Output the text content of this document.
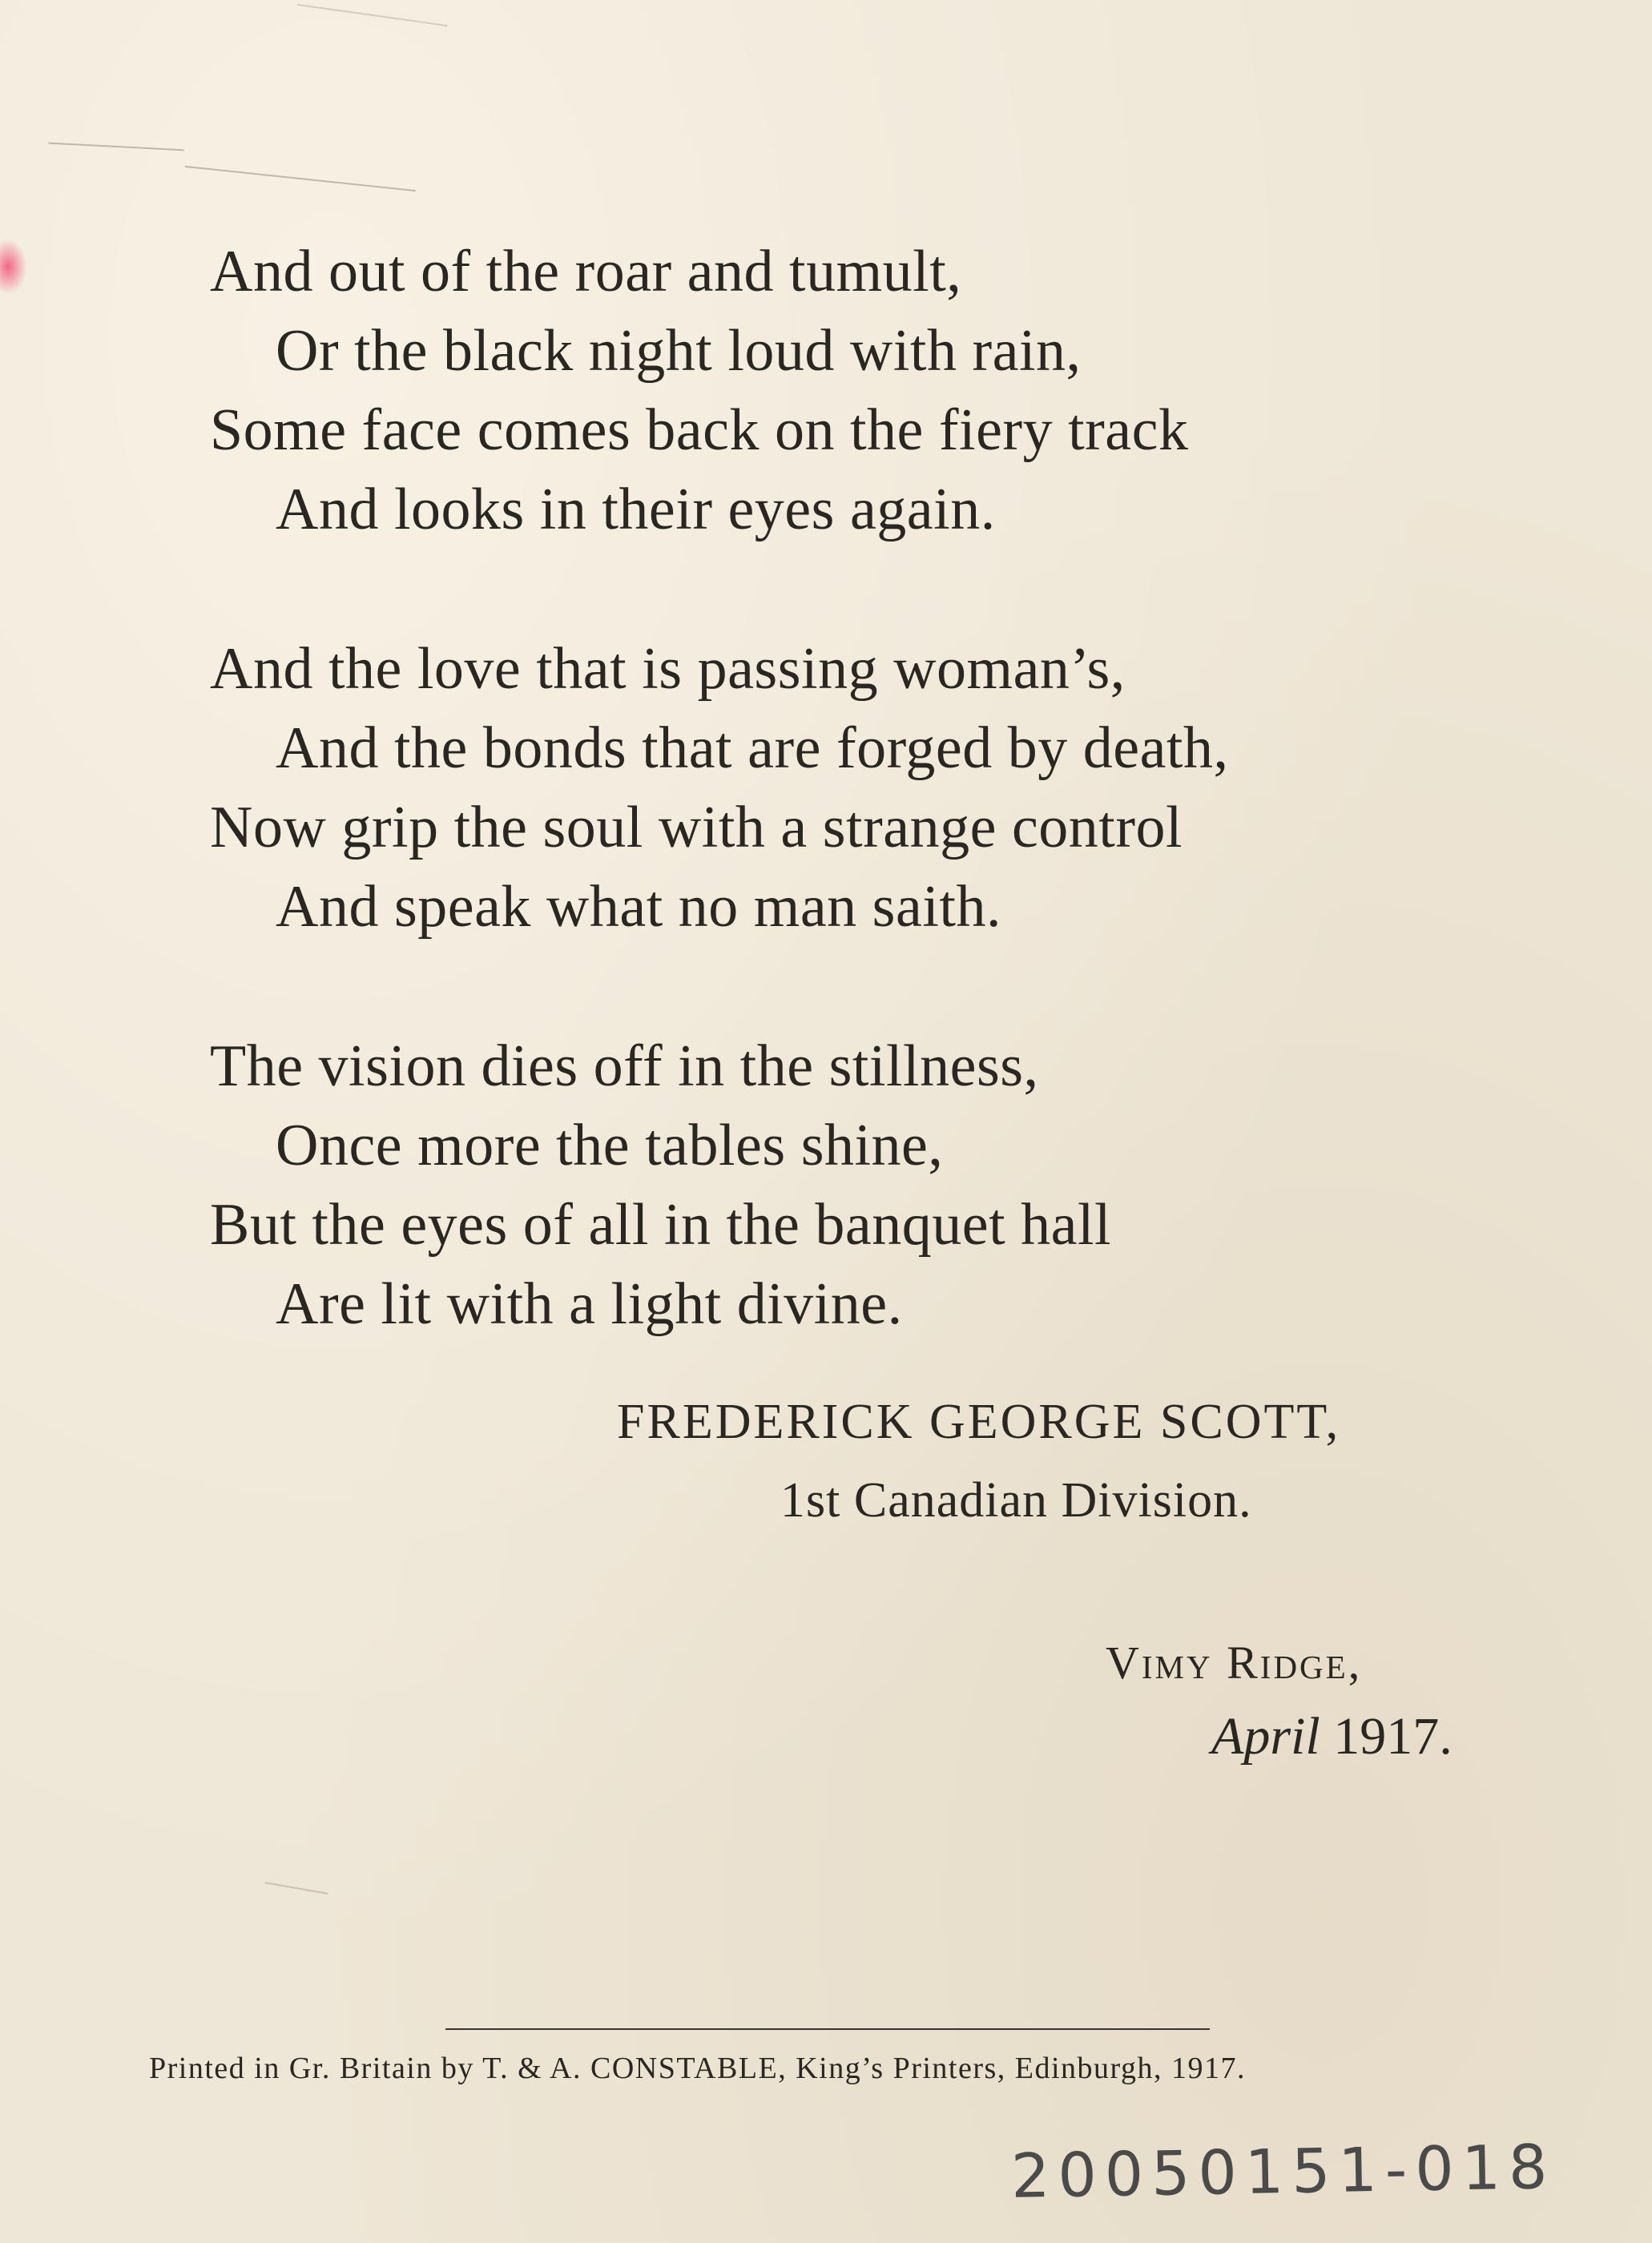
And out of the roar and tumult,
Or the black night loud with rain,
Some face comes back on the fiery track
And looks in their eyes again.
And the love that is passing woman’s,
And the bonds that are forged by death,
Now grip the soul with a strange control
And speak what no man saith.
The vision dies off in the stillness,
Once more the tables shine,
But the eyes of all in the banquet hall
Are lit with a light divine.
FREDERICK GEORGE SCOTT,
1st Canadian Division.
Vimy Ridge,
April 1917.
Printed in Gr. Britain by T. & A. CONSTABLE, King’s Printers, Edinburgh, 1917.
20050151-018
